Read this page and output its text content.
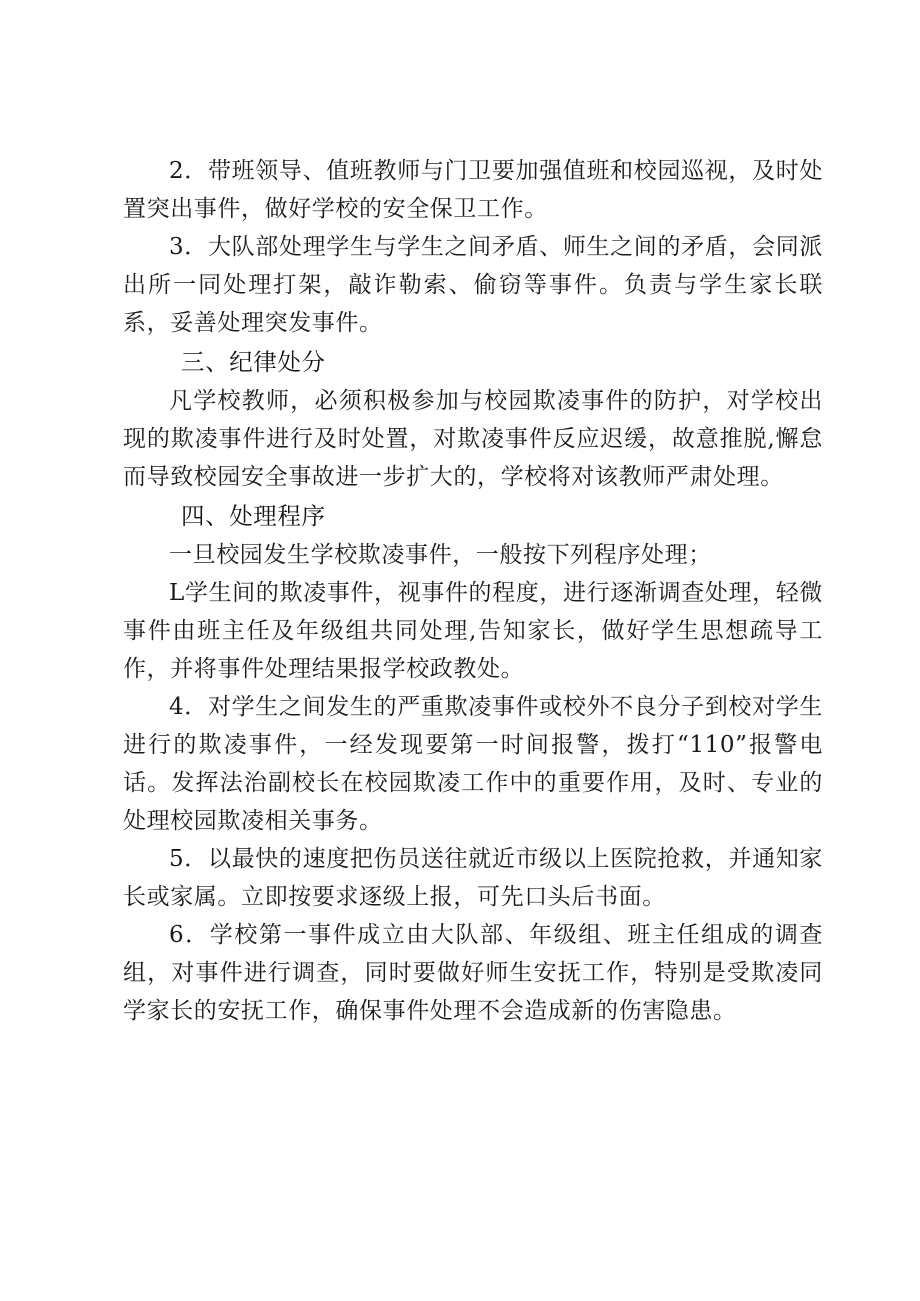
2．带班领导、值班教师与门卫要加强值班和校园巡视，及时处置突出事件，做好学校的安全保卫工作。

3．大队部处理学生与学生之间矛盾、师生之间的矛盾，会同派出所一同处理打架，敲诈勒索、偷窃等事件。负责与学生家长联系，妥善处理突发事件。

三、纪律处分

凡学校教师，必须积极参加与校园欺凌事件的防护，对学校出现的欺凌事件进行及时处置，对欺凌事件反应迟缓，故意推脱,懈怠而导致校园安全事故进一步扩大的，学校将对该教师严肃处理。

四、处理程序

一旦校园发生学校欺凌事件，一般按下列程序处理；

L学生间的欺凌事件，视事件的程度，进行逐渐调查处理，轻微事件由班主任及年级组共同处理,告知家长，做好学生思想疏导工作，并将事件处理结果报学校政教处。

4．对学生之间发生的严重欺凌事件或校外不良分子到校对学生进行的欺凌事件，一经发现要第一时间报警，拨打“110”报警电话。发挥法治副校长在校园欺凌工作中的重要作用，及时、专业的处理校园欺凌相关事务。

5．以最快的速度把伤员送往就近市级以上医院抢救，并通知家长或家属。立即按要求逐级上报，可先口头后书面。

6．学校第一事件成立由大队部、年级组、班主任组成的调查组，对事件进行调查，同时要做好师生安抚工作，特别是受欺凌同学家长的安抚工作，确保事件处理不会造成新的伤害隐患。
